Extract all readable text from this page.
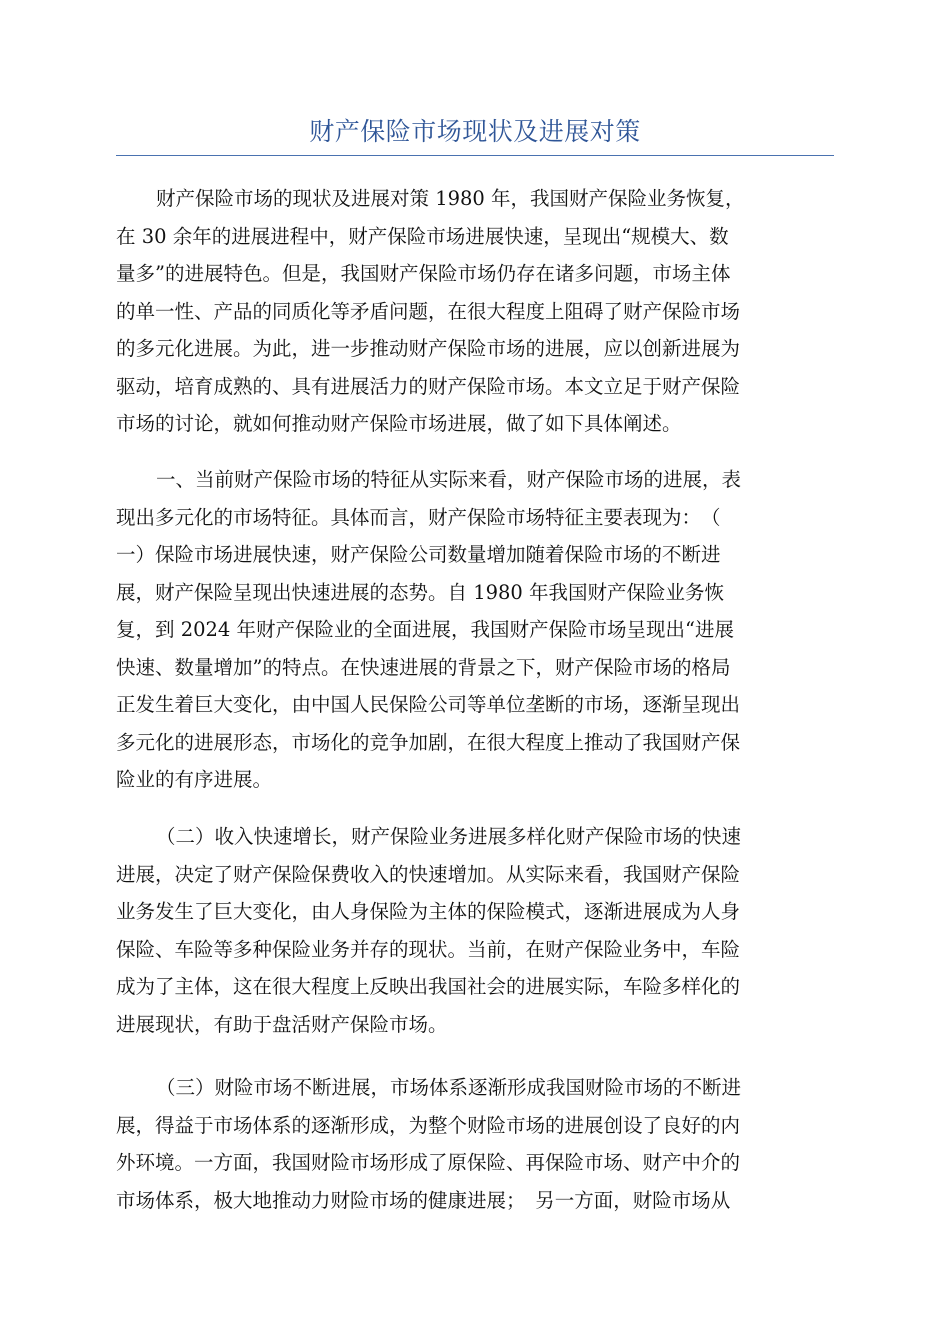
财产保险市场现状及进展对策
财产保险市场的现状及进展对策 1980 年，我国财产保险业务恢复，
在 30 余年的进展进程中，财产保险市场进展快速，呈现出“规模大、数
量多”的进展特色。但是，我国财产保险市场仍存在诸多问题，市场主体
的单一性、产品的同质化等矛盾问题，在很大程度上阻碍了财产保险市场
的多元化进展。为此，进一步推动财产保险市场的进展，应以创新进展为
驱动，培育成熟的、具有进展活力的财产保险市场。本文立足于财产保险
市场的讨论，就如何推动财产保险市场进展，做了如下具体阐述。
一、当前财产保险市场的特征从实际来看，财产保险市场的进展，表
现出多元化的市场特征。具体而言，财产保险市场特征主要表现为：　（
一）保险市场进展快速，财产保险公司数量增加随着保险市场的不断进
展，财产保险呈现出快速进展的态势。自 1980 年我国财产保险业务恢
复，到 2024 年财产保险业的全面进展，我国财产保险市场呈现出“进展
快速、数量增加”的特点。在快速进展的背景之下，财产保险市场的格局
正发生着巨大变化，由中国人民保险公司等单位垄断的市场，逐渐呈现出
多元化的进展形态，市场化的竞争加剧，在很大程度上推动了我国财产保
险业的有序进展。
（二）收入快速增长，财产保险业务进展多样化财产保险市场的快速
进展，决定了财产保险保费收入的快速增加。从实际来看，我国财产保险
业务发生了巨大变化，由人身保险为主体的保险模式，逐渐进展成为人身
保险、车险等多种保险业务并存的现状。当前，在财产保险业务中，车险
成为了主体，这在很大程度上反映出我国社会的进展实际，车险多样化的
进展现状，有助于盘活财产保险市场。
（三）财险市场不断进展，市场体系逐渐形成我国财险市场的不断进
展，得益于市场体系的逐渐形成，为整个财险市场的进展创设了良好的内
外环境。一方面，我国财险市场形成了原保险、再保险市场、财产中介的
市场体系，极大地推动力财险市场的健康进展；　另一方面，财险市场从
